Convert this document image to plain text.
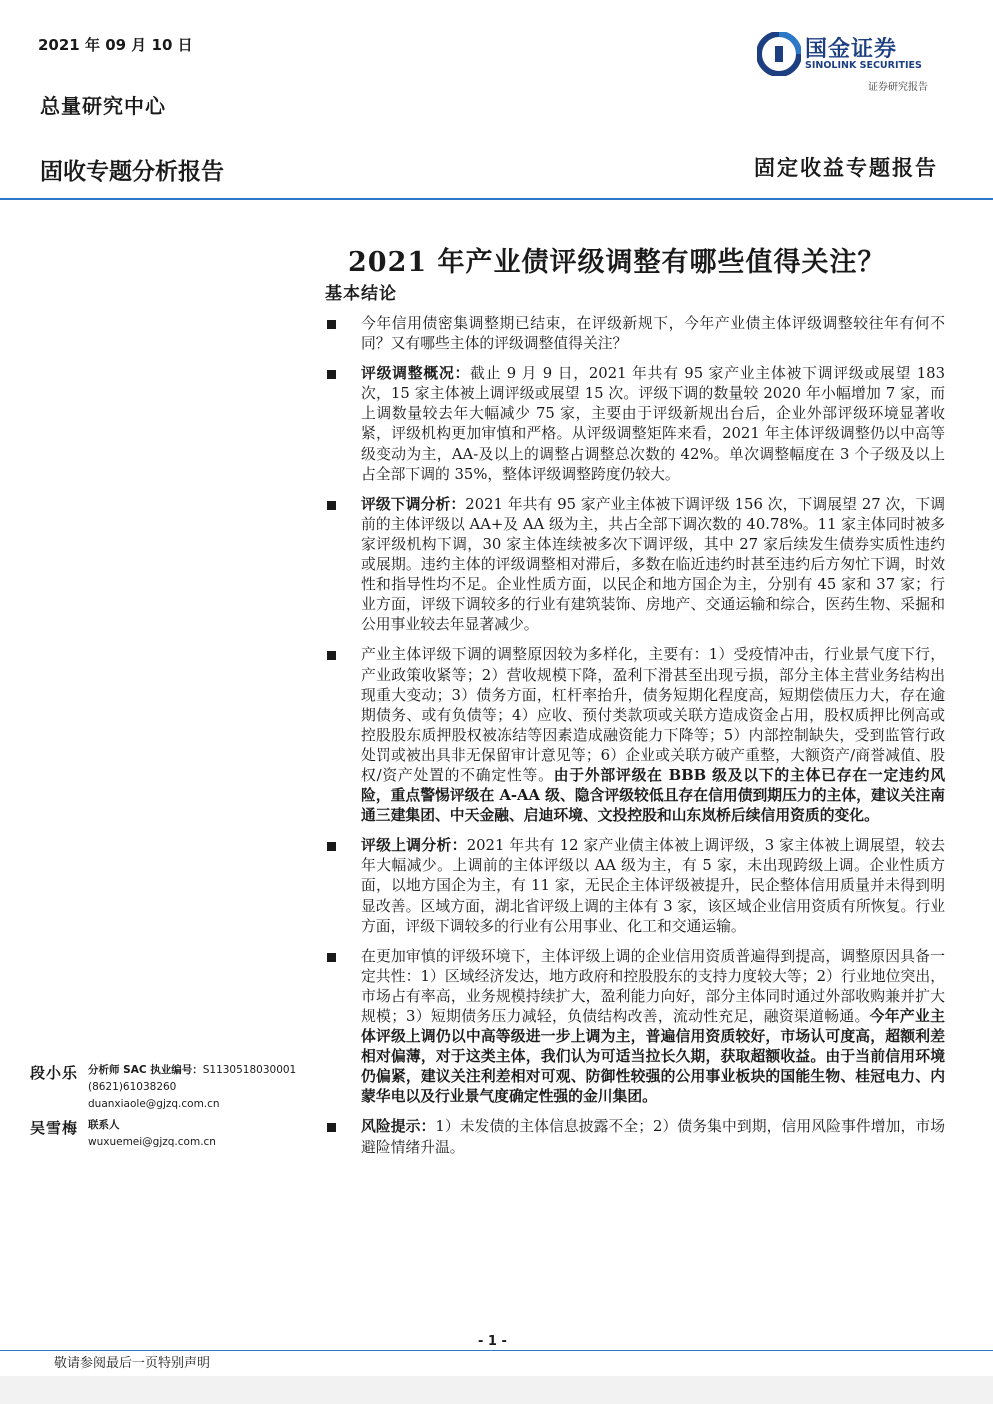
2021 年 09 月 10 日
总量研究中心
国金证券
SINOLINK SECURITIES
证券研究报告
固收专题分析报告	固定收益专题报告
2021 年产业债评级调整有哪些值得关注？
基本结论
今年信用债密集调整期已结束，在评级新规下，今年产业债主体评级调整较往年有何不同？又有哪些主体的评级调整值得关注？
评级调整概况：截止 9 月 9 日，2021 年共有 95 家产业主体被下调评级或展望 183 次，15 家主体被上调评级或展望 15 次。评级下调的数量较 2020 年小幅增加 7 家，而上调数量较去年大幅减少 75 家，主要由于评级新规出台后，企业外部评级环境显著收紧，评级机构更加审慎和严格。从评级调整矩阵来看，2021 年主体评级调整仍以中高等级变动为主，AA-及以上的调整占调整总次数的 42%。单次调整幅度在 3 个子级及以上占全部下调的 35%，整体评级调整跨度仍较大。
评级下调分析：2021 年共有 95 家产业主体被下调评级 156 次，下调展望 27 次，下调前的主体评级以 AA+及 AA 级为主，共占全部下调次数的 40.78%。11 家主体同时被多家评级机构下调，30 家主体连续被多次下调评级，其中 27 家后续发生债券实质性违约或展期。违约主体的评级调整相对滞后，多数在临近违约时甚至违约后方匆忙下调，时效性和指导性均不足。企业性质方面，以民企和地方国企为主，分别有 45 家和 37 家；行业方面，评级下调较多的行业有建筑装饰、房地产、交通运输和综合，医药生物、采掘和公用事业较去年显著减少。
产业主体评级下调的调整原因较为多样化，主要有：1）受疫情冲击，行业景气度下行，产业政策收紧等；2）营收规模下降，盈利下滑甚至出现亏损，部分主体主营业务结构出现重大变动；3）债务方面，杠杆率抬升，债务短期化程度高，短期偿债压力大，存在逾期债务、或有负债等；4）应收、预付类款项或关联方造成资金占用，股权质押比例高或控股股东质押股权被冻结等因素造成融资能力下降等；5）内部控制缺失，受到监管行政处罚或被出具非无保留审计意见等；6）企业或关联方破产重整，大额资产/商誉减值、股权/资产处置的不确定性等。由于外部评级在 BBB 级及以下的主体已存在一定违约风险，重点警惕评级在 A-AA 级、隐含评级较低且存在信用债到期压力的主体，建议关注南通三建集团、中天金融、启迪环境、文投控股和山东岚桥后续信用资质的变化。
评级上调分析：2021 年共有 12 家产业债主体被上调评级，3 家主体被上调展望，较去年大幅减少。上调前的主体评级以 AA 级为主，有 5 家，未出现跨级上调。企业性质方面，以地方国企为主，有 11 家，无民企主体评级被提升，民企整体信用质量并未得到明显改善。区域方面，湖北省评级上调的主体有 3 家，该区域企业信用资质有所恢复。行业方面，评级下调较多的行业有公用事业、化工和交通运输。
在更加审慎的评级环境下，主体评级上调的企业信用资质普遍得到提高，调整原因具备一定共性：1）区域经济发达，地方政府和控股股东的支持力度较大等；2）行业地位突出，市场占有率高，业务规模持续扩大，盈利能力向好，部分主体同时通过外部收购兼并扩大规模；3）短期债务压力减轻，负债结构改善，流动性充足，融资渠道畅通。今年产业主体评级上调仍以中高等级进一步上调为主，普遍信用资质较好，市场认可度高，超额利差相对偏薄，对于这类主体，我们认为可适当拉长久期，获取超额收益。由于当前信用环境仍偏紧，建议关注利差相对可观、防御性较强的公用事业板块的国能生物、桂冠电力、内蒙华电以及行业景气度确定性强的金川集团。
风险提示：1）未发债的主体信息披露不全；2）债务集中到期，信用风险事件增加，市场避险情绪升温。
段小乐 分析师 SAC 执业编号：S1130518030001
(8621)61038260
duanxiaole@gjzq.com.cn
吴雪梅 联系人
wuxuemei@gjzq.com.cn
- 1 -
敬请参阅最后一页特别声明
